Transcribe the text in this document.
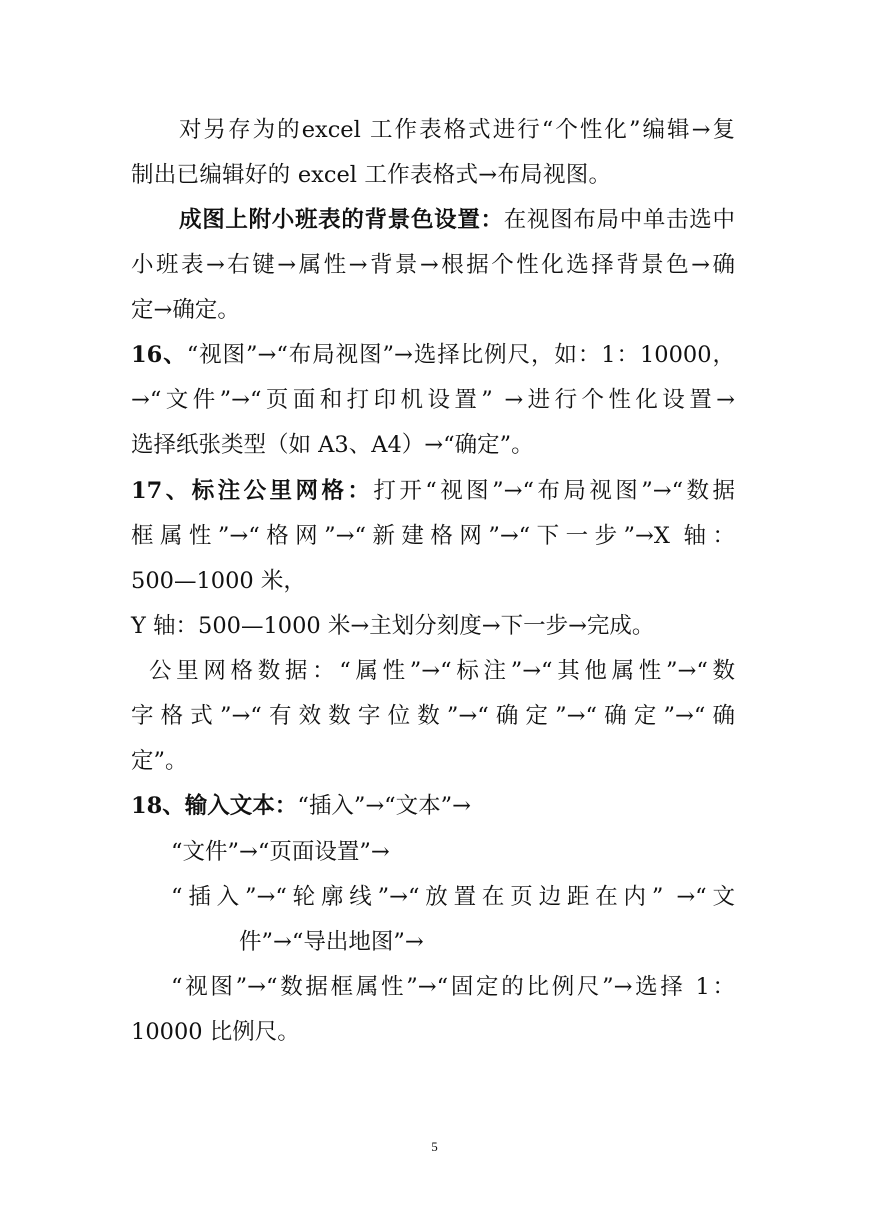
对另存为的excel 工作表格式进行“个性化”编辑→复
制出已编辑好的 excel 工作表格式→布局视图。
成图上附小班表的背景色设置：在视图布局中单击选中
小班表→右键→属性→背景→根据个性化选择背景色→确
定→确定。
16、“视图”→“布局视图”→选择比例尺，如：1：10000，
→“文件”→“页面和打印机设置” →进行个性化设置→
选择纸张类型（如 A3、A4）→“确定”。
17、标注公里网格：打开“视图”→“布局视图”→“数据
框属性”→“格网”→“新建格网”→“下一步”→X 轴：
500—1000 米，
Y 轴：500—1000 米→主划分刻度→下一步→完成。
公里网格数据：“属性”→“标注”→“其他属性”→“数
字格式”→“有效数字位数”→“确定”→“确定”→“确
定”。
18、输入文本：“插入”→“文本”→
“文件”→“页面设置”→
“插入”→“轮廓线”→“放置在页边距在内” →“文
件”→“导出地图”→
“视图”→“数据框属性”→“固定的比例尺”→选择 1：
10000 比例尺。
5
